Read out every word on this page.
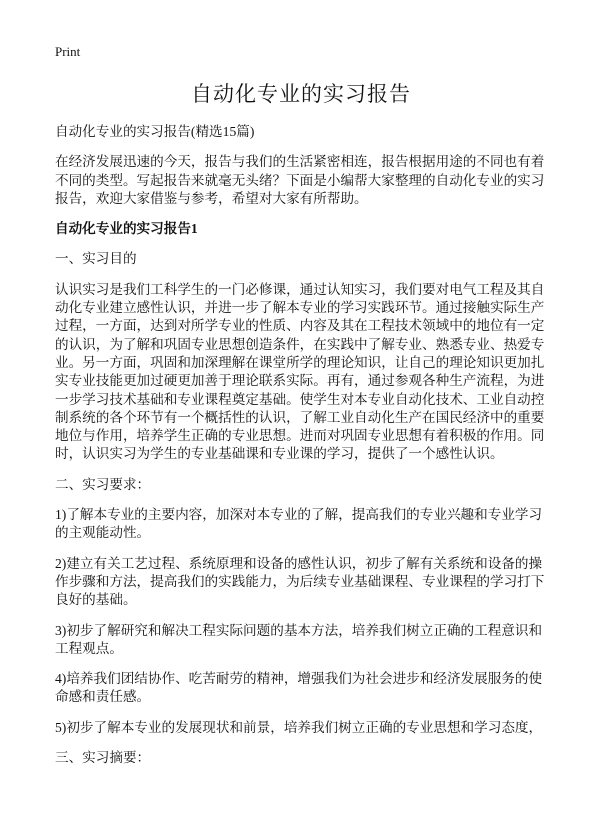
Print
自动化专业的实习报告

自动化专业的实习报告(精选15篇)

在经济发展迅速的今天，报告与我们的生活紧密相连，报告根据用途的不同也有着不同的类型。写起报告来就毫无头绪？下面是小编帮大家整理的自动化专业的实习报告，欢迎大家借鉴与参考，希望对大家有所帮助。

自动化专业的实习报告1

一、实习目的

认识实习是我们工科学生的一门必修课，通过认知实习，我们要对电气工程及其自动化专业建立感性认识，并进一步了解本专业的学习实践环节。通过接触实际生产过程，一方面，达到对所学专业的性质、内容及其在工程技术领域中的地位有一定的认识，为了解和巩固专业思想创造条件，在实践中了解专业、熟悉专业、热爱专业。另一方面，巩固和加深理解在课堂所学的理论知识，让自己的理论知识更加扎实专业技能更加过硬更加善于理论联系实际。再有，通过参观各种生产流程，为进一步学习技术基础和专业课程奠定基础。使学生对本专业自动化技术、工业自动控制系统的各个环节有一个概括性的认识，了解工业自动化生产在国民经济中的重要地位与作用，培养学生正确的专业思想。进而对巩固专业思想有着积极的作用。同时，认识实习为学生的专业基础课和专业课的学习，提供了一个感性认识。

二、实习要求：

1)了解本专业的主要内容，加深对本专业的了解，提高我们的专业兴趣和专业学习的主观能动性。

2)建立有关工艺过程、系统原理和设备的感性认识，初步了解有关系统和设备的操作步骤和方法，提高我们的实践能力，为后续专业基础课程、专业课程的学习打下良好的基础。

3)初步了解研究和解决工程实际问题的基本方法，培养我们树立正确的工程意识和工程观点。

4)培养我们团结协作、吃苦耐劳的精神，增强我们为社会进步和经济发展服务的使命感和责任感。

5)初步了解本专业的发展现状和前景，培养我们树立正确的专业思想和学习态度，

三、实习摘要：
